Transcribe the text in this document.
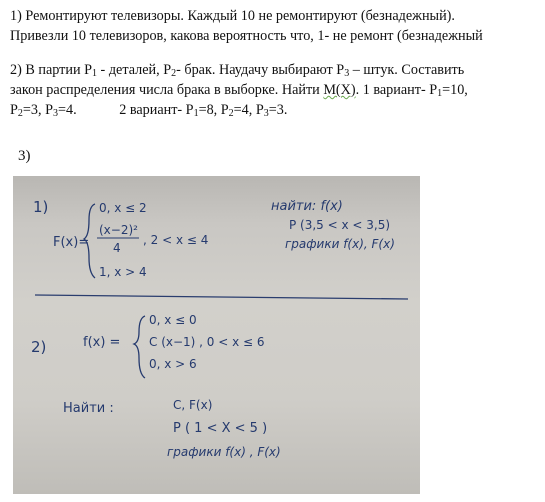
1) Ремонтируют телевизоры. Каждый 10 не ремонтируют (безнадежный).
Привезли 10 телевизоров, какова вероятность что, 1- не ремонт (безнадежный
2) В партии $P_1$ - деталей, $P_2-$ брак. Наудачу выбирают $P_3$ – штук. Составить
закон распределения числа брака в выборке. Найти M(X). 1 вариант- $P_1=10$,
$P_2=3$, $P_3=4$.            2 вариант- $P_1=8$, $P_2=4$, $P_3=3$.
3)
1)
F(x)=
0, x ≤ 2
(x−2)²
4
, 2 < x ≤ 4
1, x > 4
найти: f(x)
P (3,5 < x < 3,5)
графики f(x), F(x)
2)	f(x) =
0, x ≤ 0
C (x−1) , 0 < x ≤ 6
0, x > 6
Найти :	C, F(x)
P ( 1 < X < 5 )
графики f(x) , F(x)
